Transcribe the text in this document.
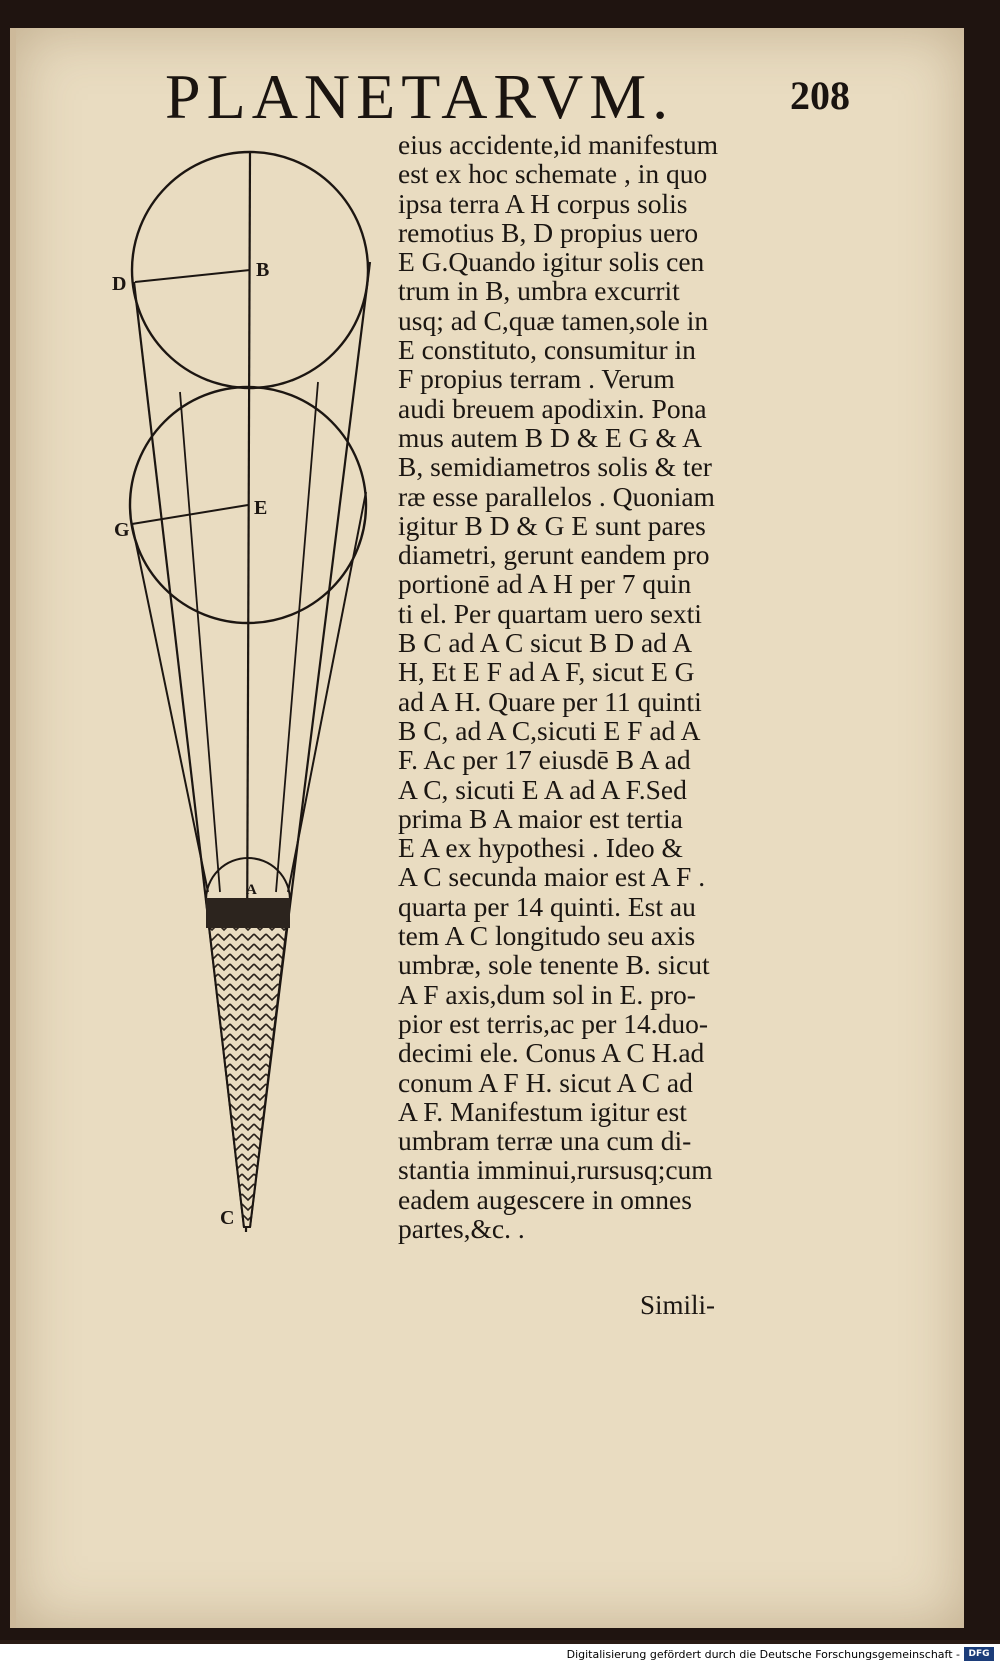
PLANETARVM.	208
B
D
E
G
A
C
eius accidente,id manifestum
est ex hoc schemate , in quo
ipsa terra A H corpus solis
remotius B, D propius uero
E G.Quando igitur solis cen
trum in B, umbra excurrit
usq; ad C,quæ tamen,sole in
E constituto, consumitur in
F propius terram . Verum
audi breuem apodixin. Pona
mus autem B D & E G & A
B, semidiametros solis & ter
ræ esse parallelos . Quoniam
igitur B D & G E sunt pares
diametri, gerunt eandem pro
portionē ad A H per 7 quin
ti el. Per quartam uero sexti
B C ad A C sicut B D ad A
H, Et E F ad A F, sicut E G
ad A H. Quare per 11 quinti
B C, ad A C,sicuti E F ad A
F. Ac per 17 eiusdē B A ad
A C, sicuti E A ad A F.Sed
prima B A maior est tertia
E A ex hypothesi . Ideo &
A C secunda maior est A F .
quarta per 14 quinti. Est au
tem A C longitudo seu axis
umbræ, sole tenente B. sicut
A F axis,dum sol in E. pro-
pior est terris,ac per 14.duo-
decimi ele. Conus A C H.ad
conum A F H. sicut A C ad
A F. Manifestum igitur est
umbram terræ una cum di-
stantia imminui,rursusq;cum
eadem augescere in omnes
partes,&c. .
Simili-
Digitalisierung gefördert durch die Deutsche Forschungsgemeinschaft - DFG
